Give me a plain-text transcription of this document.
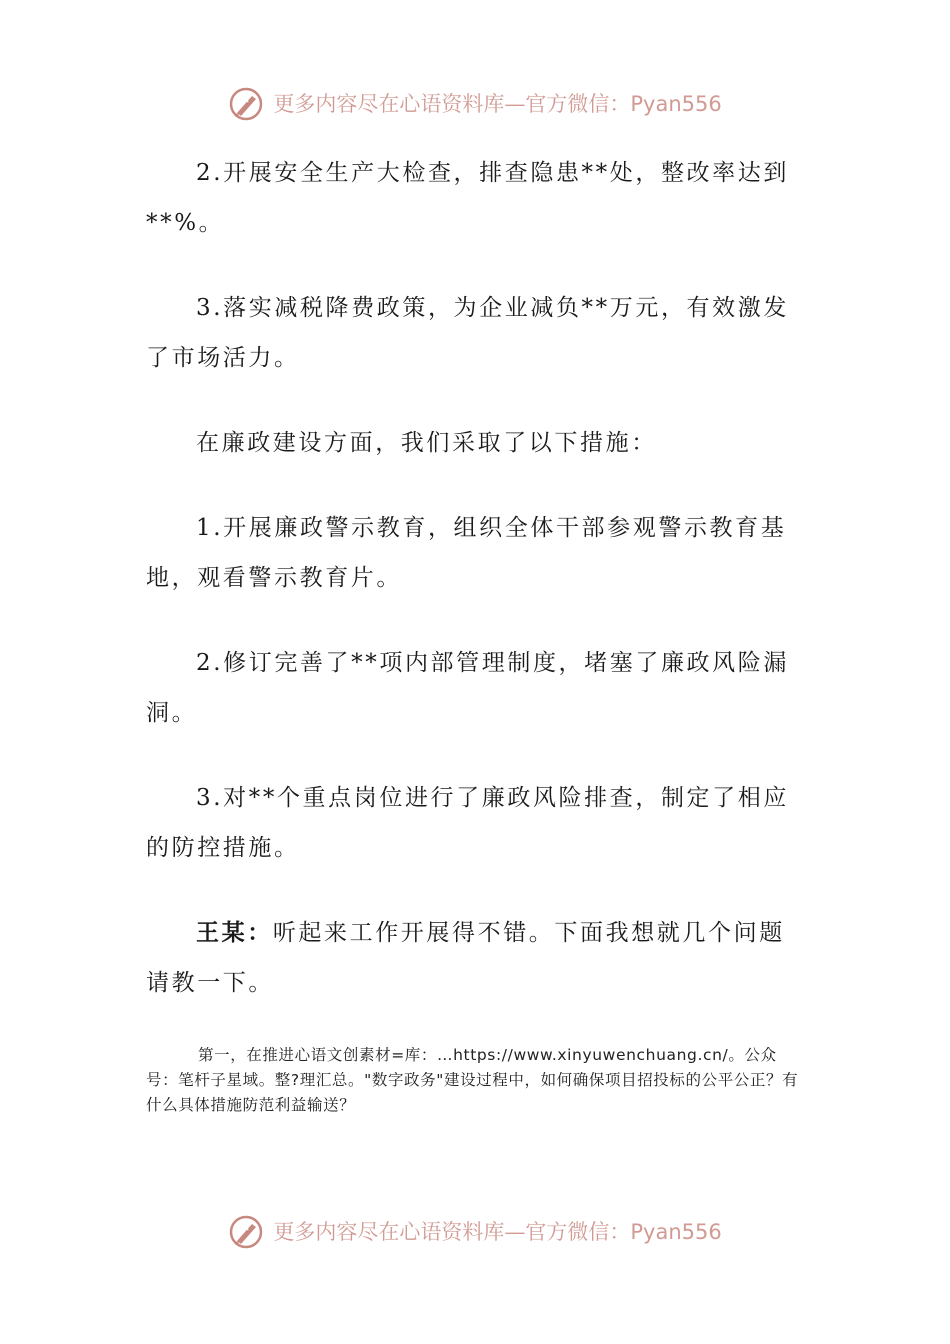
更多内容尽在心语资料库—官方微信：Pyan556

2.开展安全生产大检查，排查隐患**处，整改率达到**%。

3.落实减税降费政策，为企业减负**万元，有效激发了市场活力。

在廉政建设方面，我们采取了以下措施：

1.开展廉政警示教育，组织全体干部参观警示教育基地，观看警示教育片。

2.修订完善了**项内部管理制度，堵塞了廉政风险漏洞。

3.对**个重点岗位进行了廉政风险排查，制定了相应的防控措施。

王某：听起来工作开展得不错。下面我想就几个问题请教一下。

第一，在推进心语文创素材=库：…https://www.xinyuwenchuang.cn/。公众号：笔杆子星域。整?理汇总。"数字政务"建设过程中，如何确保项目招投标的公平公正？有什么具体措施防范利益输送？

更多内容尽在心语资料库—官方微信：Pyan556
